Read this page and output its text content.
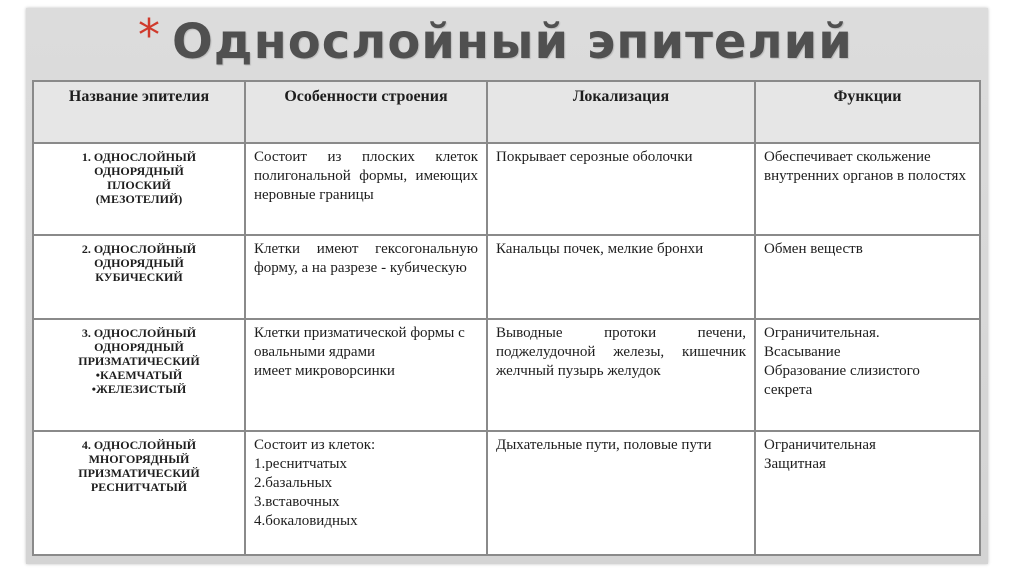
* Однослойный эпителий
Название эпителия	Особенности строения	Локализация	Функции

1. ОДНОСЛОЙНЫЙ
ОДНОРЯДНЫЙ
ПЛОСКИЙ
(МЕЗОТЕЛИЙ)	Состоит из плоских клеток полигональной формы, имеющих неровные границы	Покрывает серозные оболочки	Обеспечивает скольжение внутренних органов в полостях

2. ОДНОСЛОЙНЫЙ
ОДНОРЯДНЫЙ
КУБИЧЕСКИЙ	Клетки имеют гексогональную форму, а на разрезе - кубическую	Канальцы почек, мелкие бронхи	Обмен веществ

3. ОДНОСЛОЙНЫЙ
ОДНОРЯДНЫЙ
ПРИЗМАТИЧЕСКИЙ
•КАЕМЧАТЫЙ
•ЖЕЛЕЗИСТЫЙ	Клетки призматической формы с овальными ядрами
имеет микроворсинки	Выводные протоки печени, поджелудочной железы, кишечник желчный пузырь желудок	Ограничительная.
Всасывание
Образование слизистого секрета

4. ОДНОСЛОЙНЫЙ
МНОГОРЯДНЫЙ
ПРИЗМАТИЧЕСКИЙ
РЕСНИТЧАТЫЙ	Состоит из клеток:
1.реснитчатых
2.базальных
3.вставочных
4.бокаловидных	Дыхательные пути, половые пути	Ограничительная
Защитная
